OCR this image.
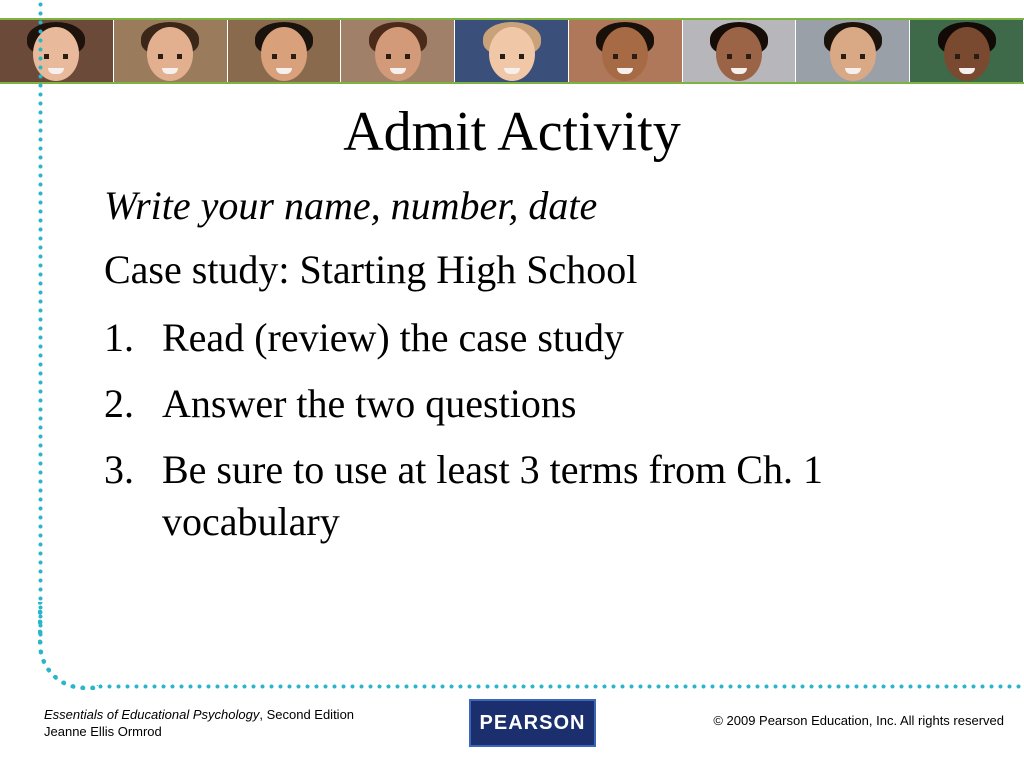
Admit Activity
Write your name, number, date
Case study: Starting High School
1. Read (review) the case study
2. Answer the two questions
3. Be sure to use at least 3 terms from Ch. 1 vocabulary
Essentials of Educational Psychology, Second Edition
Jeanne Ellis Ormrod	PEARSON	© 2009 Pearson Education, Inc. All rights reserved
